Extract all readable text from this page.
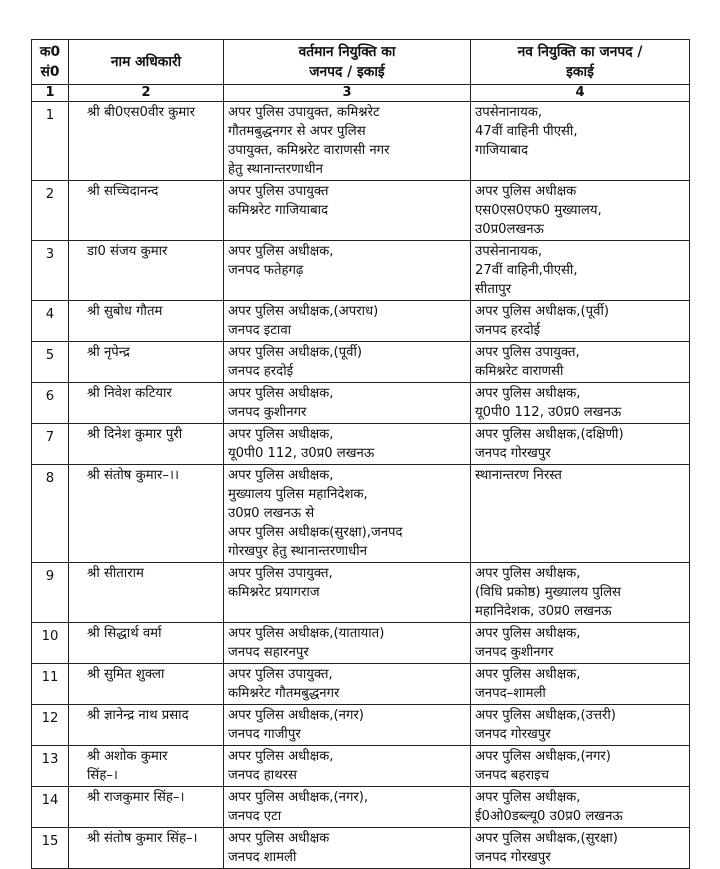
क0
सं0	नाम अधिकारी	वर्तमान नियुक्ति का
जनपद / इकाई	नव नियुक्ति का जनपद /
इकाई

1	2	3	4
1	श्री बी0एस0वीर कुमार	अपर पुलिस उपायुक्त, कमिश्नरेट
गौतमबुद्धनगर से अपर पुलिस
उपायुक्त, कमिश्नरेट वाराणसी नगर
हेतु स्थानान्तरणाधीन	उपसेनानायक,
47वीं वाहिनी पीएसी,
गाजियाबाद

2	श्री सच्चिदानन्द	अपर पुलिस उपायुक्त
कमिश्नरेट गाजियाबाद	अपर पुलिस अधीक्षक
एस0एस0एफ0 मुख्यालय,
उ0प्र0लखनऊ

3	डा0 संजय कुमार	अपर पुलिस अधीक्षक,
जनपद फतेहगढ़	उपसेनानायक,
27वीं वाहिनी,पीएसी,
सीतापुर

4	श्री सुबोध गौतम	अपर पुलिस अधीक्षक,(अपराध)
जनपद इटावा	अपर पुलिस अधीक्षक,(पूर्वी)
जनपद हरदोई

5	श्री नृपेन्द्र	अपर पुलिस अधीक्षक,(पूर्वी)
जनपद हरदोई	अपर पुलिस उपायुक्त,
कमिश्नरेट वाराणसी

6	श्री निवेश कटियार	अपर पुलिस अधीक्षक,
जनपद कुशीनगर	अपर पुलिस अधीक्षक,
यू0पी0 112, उ0प्र0 लखनऊ

7	श्री दिनेश कुमार पुरी	अपर पुलिस अधीक्षक,
यू0पी0 112, उ0प्र0 लखनऊ	अपर पुलिस अधीक्षक,(दक्षिणी)
जनपद गोरखपुर

8	श्री संतोष कुमार–।।	अपर पुलिस अधीक्षक,
मुख्यालय पुलिस महानिदेशक,
उ0प्र0 लखनऊ से
अपर पुलिस अधीक्षक(सुरक्षा),जनपद
गोरखपुर हेतु स्थानान्तरणाधीन	स्थानान्तरण निरस्त

9	श्री सीताराम	अपर पुलिस उपायुक्त,
कमिश्नरेट प्रयागराज	अपर पुलिस अधीक्षक,
(विधि प्रकोष्ठ) मुख्यालय पुलिस
महानिदेशक, उ0प्र0 लखनऊ

10	श्री सिद्धार्थ वर्मा	अपर पुलिस अधीक्षक,(यातायात)
जनपद सहारनपुर	अपर पुलिस अधीक्षक,
जनपद कुशीनगर

11	श्री सुमित शुक्ला	अपर पुलिस उपायुक्त,
कमिश्नरेट गौतमबुद्धनगर	अपर पुलिस अधीक्षक,
जनपद–शामली

12	श्री ज्ञानेन्द्र नाथ प्रसाद	अपर पुलिस अधीक्षक,(नगर)
जनपद गाजीपुर	अपर पुलिस अधीक्षक,(उत्तरी)
जनपद गोरखपुर

13	श्री अशोक कुमार
सिंह–।	अपर पुलिस अधीक्षक,
जनपद हाथरस	अपर पुलिस अधीक्षक,(नगर)
जनपद बहराइच

14	श्री राजकुमार सिंह–।	अपर पुलिस अधीक्षक,(नगर),
जनपद एटा	अपर पुलिस अधीक्षक,
ई0ओ0डब्ल्यू0 उ0प्र0 लखनऊ

15	श्री संतोष कुमार सिंह–।	अपर पुलिस अधीक्षक
जनपद शामली	अपर पुलिस अधीक्षक,(सुरक्षा)
जनपद गोरखपुर
